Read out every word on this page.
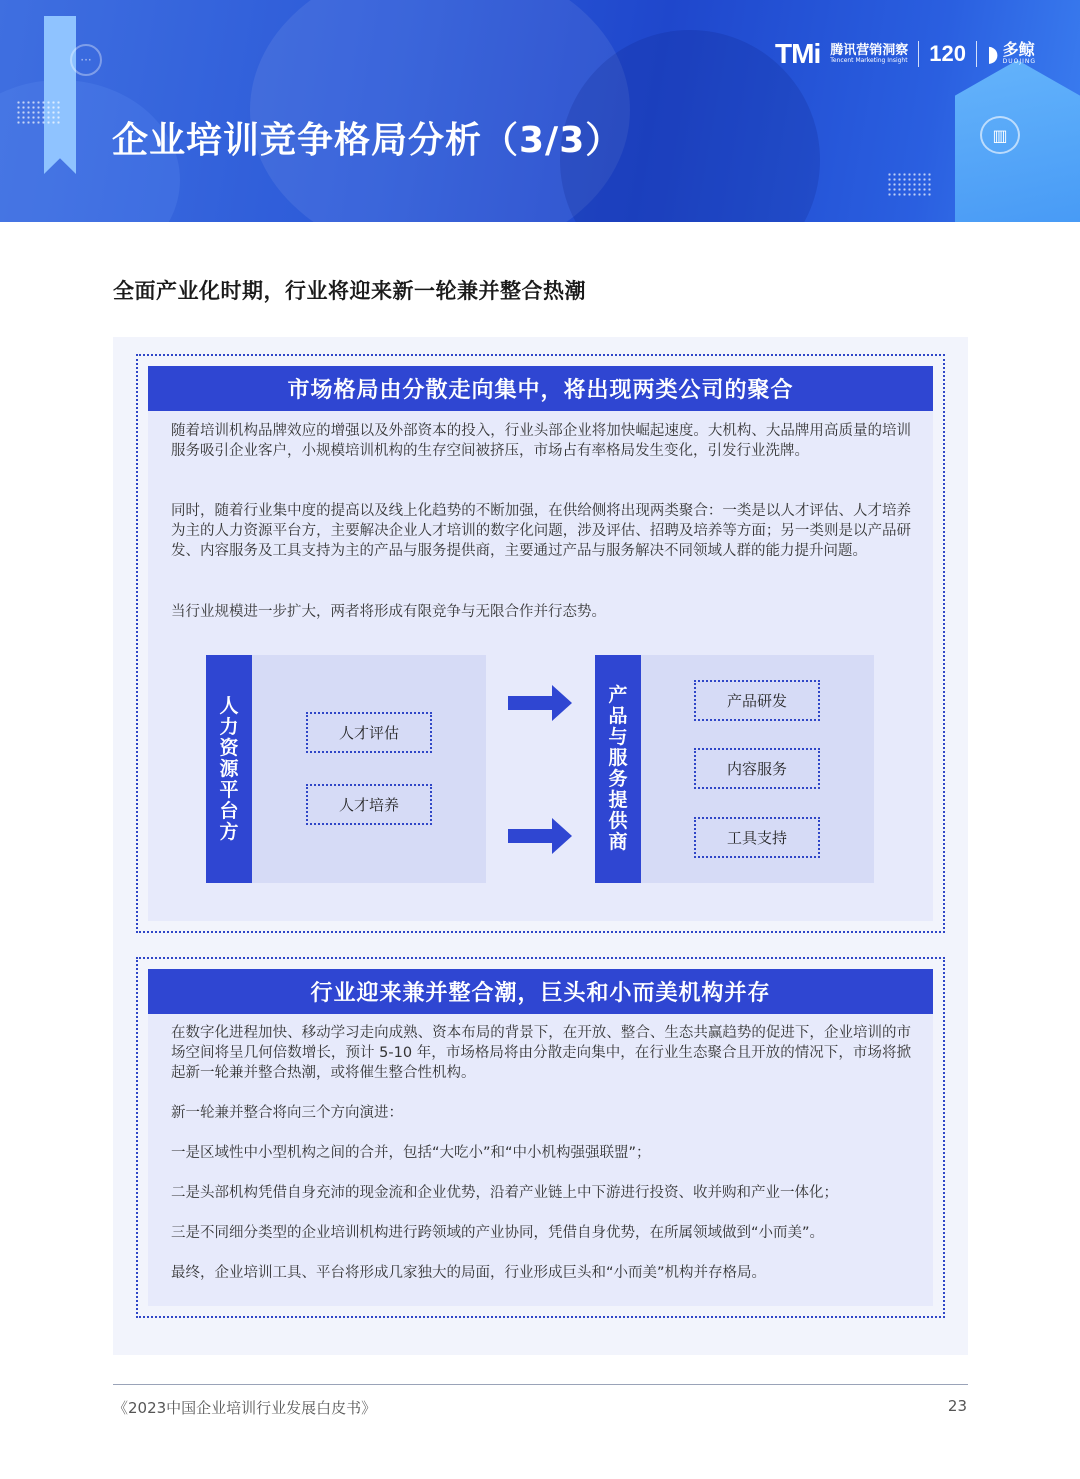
···
▥
企业培训竞争格局分析（3/3）
TMi 腾讯营销洞察
Tencent Marketing Insight 120 ◗ 多鲸
DUOJING
全面产业化时期，行业将迎来新一轮兼并整合热潮
市场格局由分散走向集中，将出现两类公司的聚合

随着培训机构品牌效应的增强以及外部资本的投入，行业头部企业将加快崛起速度。大机构、大品牌用高质量的培训服务吸引企业客户，小规模培训机构的生存空间被挤压，市场占有率格局发生变化，引发行业洗牌。

同时，随着行业集中度的提高以及线上化趋势的不断加强，在供给侧将出现两类聚合：一类是以人才评估、人才培养为主的人力资源平台方，主要解决企业人才培训的数字化问题，涉及评估、招聘及培养等方面；另一类则是以产品研发、内容服务及工具支持为主的产品与服务提供商，主要通过产品与服务解决不同领域人群的能力提升问题。

当行业规模进一步扩大，两者将形成有限竞争与无限合作并行态势。

人力资源平台方
人才评估
人才培养
产品与服务提供商
产品研发
内容服务
工具支持
行业迎来兼并整合潮，巨头和小而美机构并存

在数字化进程加快、移动学习走向成熟、资本布局的背景下，在开放、整合、生态共赢趋势的促进下，企业培训的市场空间将呈几何倍数增长，预计 5-10 年，市场格局将由分散走向集中，在行业生态聚合且开放的情况下，市场将掀起新一轮兼并整合热潮，或将催生整合性机构。

新一轮兼并整合将向三个方向演进：

一是区域性中小型机构之间的合并，包括“大吃小”和“中小机构强强联盟”；

二是头部机构凭借自身充沛的现金流和企业优势，沿着产业链上中下游进行投资、收并购和产业一体化；

三是不同细分类型的企业培训机构进行跨领域的产业协同，凭借自身优势，在所属领域做到“小而美”。

最终，企业培训工具、平台将形成几家独大的局面，行业形成巨头和“小而美”机构并存格局。

《2023中国企业培训行业发展白皮书》	23
